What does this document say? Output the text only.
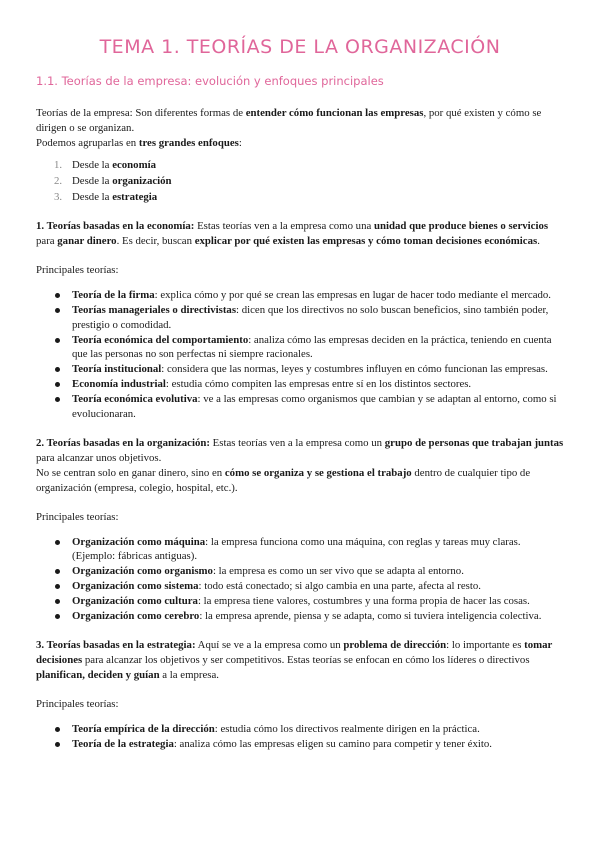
TEMA 1. TEORÍAS DE LA ORGANIZACIÓN
1.1. Teorías de la empresa: evolución y enfoques principales

Teorías de la empresa: Son diferentes formas de entender cómo funcionan las empresas, por qué existen y cómo se dirigen o se organizan.

Podemos agruparlas en tres grandes enfoques:

1. Desde la economía
2. Desde la organización
3. Desde la estrategia

1. Teorías basadas en la economía: Estas teorías ven a la empresa como una unidad que produce bienes o servicios para ganar dinero. Es decir, buscan explicar por qué existen las empresas y cómo toman decisiones económicas.

Principales teorías:

Teoría de la firma: explica cómo y por qué se crean las empresas en lugar de hacer todo mediante el mercado.
Teorías manageriales o directivistas: dicen que los directivos no solo buscan beneficios, sino también poder, prestigio o comodidad.
Teoría económica del comportamiento: analiza cómo las empresas deciden en la práctica, teniendo en cuenta que las personas no son perfectas ni siempre racionales.
Teoría institucional: considera que las normas, leyes y costumbres influyen en cómo funcionan las empresas.
Economía industrial: estudia cómo compiten las empresas entre sí en los distintos sectores.
Teoría económica evolutiva: ve a las empresas como organismos que cambian y se adaptan al entorno, como si evolucionaran.

2. Teorías basadas en la organización: Estas teorías ven a la empresa como un grupo de personas que trabajan juntas para alcanzar unos objetivos.

No se centran solo en ganar dinero, sino en cómo se organiza y se gestiona el trabajo dentro de cualquier tipo de organización (empresa, colegio, hospital, etc.).

Principales teorías:

Organización como máquina: la empresa funciona como una máquina, con reglas y tareas muy claras. (Ejemplo: fábricas antiguas).
Organización como organismo: la empresa es como un ser vivo que se adapta al entorno.
Organización como sistema: todo está conectado; si algo cambia en una parte, afecta al resto.
Organización como cultura: la empresa tiene valores, costumbres y una forma propia de hacer las cosas.
Organización como cerebro: la empresa aprende, piensa y se adapta, como si tuviera inteligencia colectiva.

3. Teorías basadas en la estrategia: Aquí se ve a la empresa como un problema de dirección: lo importante es tomar decisiones para alcanzar los objetivos y ser competitivos. Estas teorías se enfocan en cómo los líderes o directivos planifican, deciden y guían a la empresa.

Principales teorías:

Teoría empírica de la dirección: estudia cómo los directivos realmente dirigen en la práctica.
Teoría de la estrategia: analiza cómo las empresas eligen su camino para competir y tener éxito.
